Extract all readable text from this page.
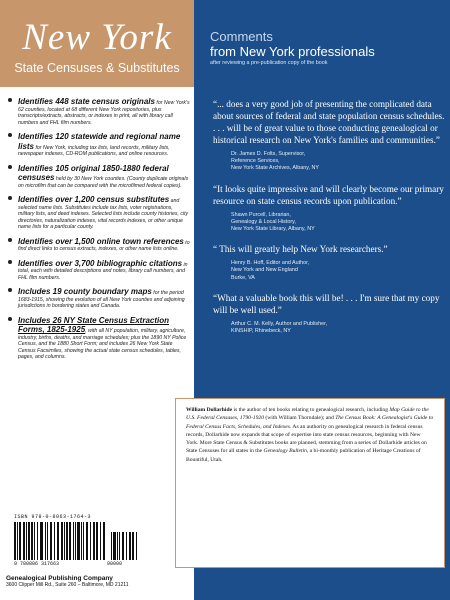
New York
State Censuses & Substitutes
Identifies 448 state census originals for New York's 62 counties, located at 68 different New York repositories, plus transcripts/extracts, abstracts, or indexes in print, all with library call numbers and FHL film numbers.
Identifies 120 statewide and regional name lists for New York, including tax lists, land records, military lists, newspaper indexes, CD-ROM publications, and online resources.
Identifies 105 original 1850-1880 federal censuses held by 30 New York counties. (County duplicate originals on microfilm that can be compared with the microfilmed federal copies).
Identifies over 1,200 census substitutes and selected name lists. Substitutes include tax lists, voter registrations, military lists, and deed indexes. Selected lists include county histories, city directories, naturalization indexes, vital records indexes, or other unique name lists for a particular county.
Identifies over 1,500 online town references to find direct links to census extracts, indexes, or other name lists online.
Identifies over 3,700 bibliographic citations in total, each with detailed descriptions and notes, library call numbers, and FHL film numbers.
Includes 19 county boundary maps for the period 1683-1915, showing the evolution of all New York counties and adjoining jurisdictions in bordering states and Canada.
Includes 26 NY State Census Extraction Forms, 1825-1925, with all NY population, military, agriculture, industry, births, deaths, and marriage schedules; plus the 1890 NY Police Census, and the 1880 Short Form; and includes 26 New York State Census Facsimiles, showing the actual state census schedules, tables, pages, and columns.
ISBN 978-0-8063-1764-3
9 780806 317663	90000
Genealogical Publishing Company
3600 Clipper Mill Rd., Suite 260 – Baltimore, MD 21211
Comments
from New York professionals
after reviewing a pre-publication copy of the book
“... does a very good job of presenting the complicated data about sources of federal and state population census schedules. . . . will be of great value to those conducting genealogical or historical research on New York's families and communities.”
Dr. James D. Folts, Supervisor,
Reference Services,
New York State Archives, Albany, NY
“It looks quite impressive and will clearly become our primary resource on state census records upon publication.”
Shawn Purcell, Librarian,
Genealogy & Local History,
New York State Library, Albany, NY
“ This will greatly help New York researchers.”
Henry B. Hoff, Editor and Author,
New York and New England
Burke, VA
“What a valuable book this will be! . . . I'm sure that my copy will be well used.”
Arthur C. M. Kelly, Author and Publisher,
KINSHIP, Rhinebeck, NY
William Dollarhide is the author of ten books relating to genealogical research, including Map Guide to the U.S. Federal Censuses, 1790-1920 (with William Thorndale); and The Census Book: A Genealogist's Guide to Federal Census Facts, Schedules, and Indexes. As an authority on genealogical research in federal census records, Dollarhide now expands that scope of expertise into state census resources, beginning with New York. More State Census & Substitutes books are planned, stemming from a series of Dollarhide articles on State Censuses for all states in the Genealogy Bulletin, a bi-monthly publication of Heritage Creations of Bountiful, Utah.
